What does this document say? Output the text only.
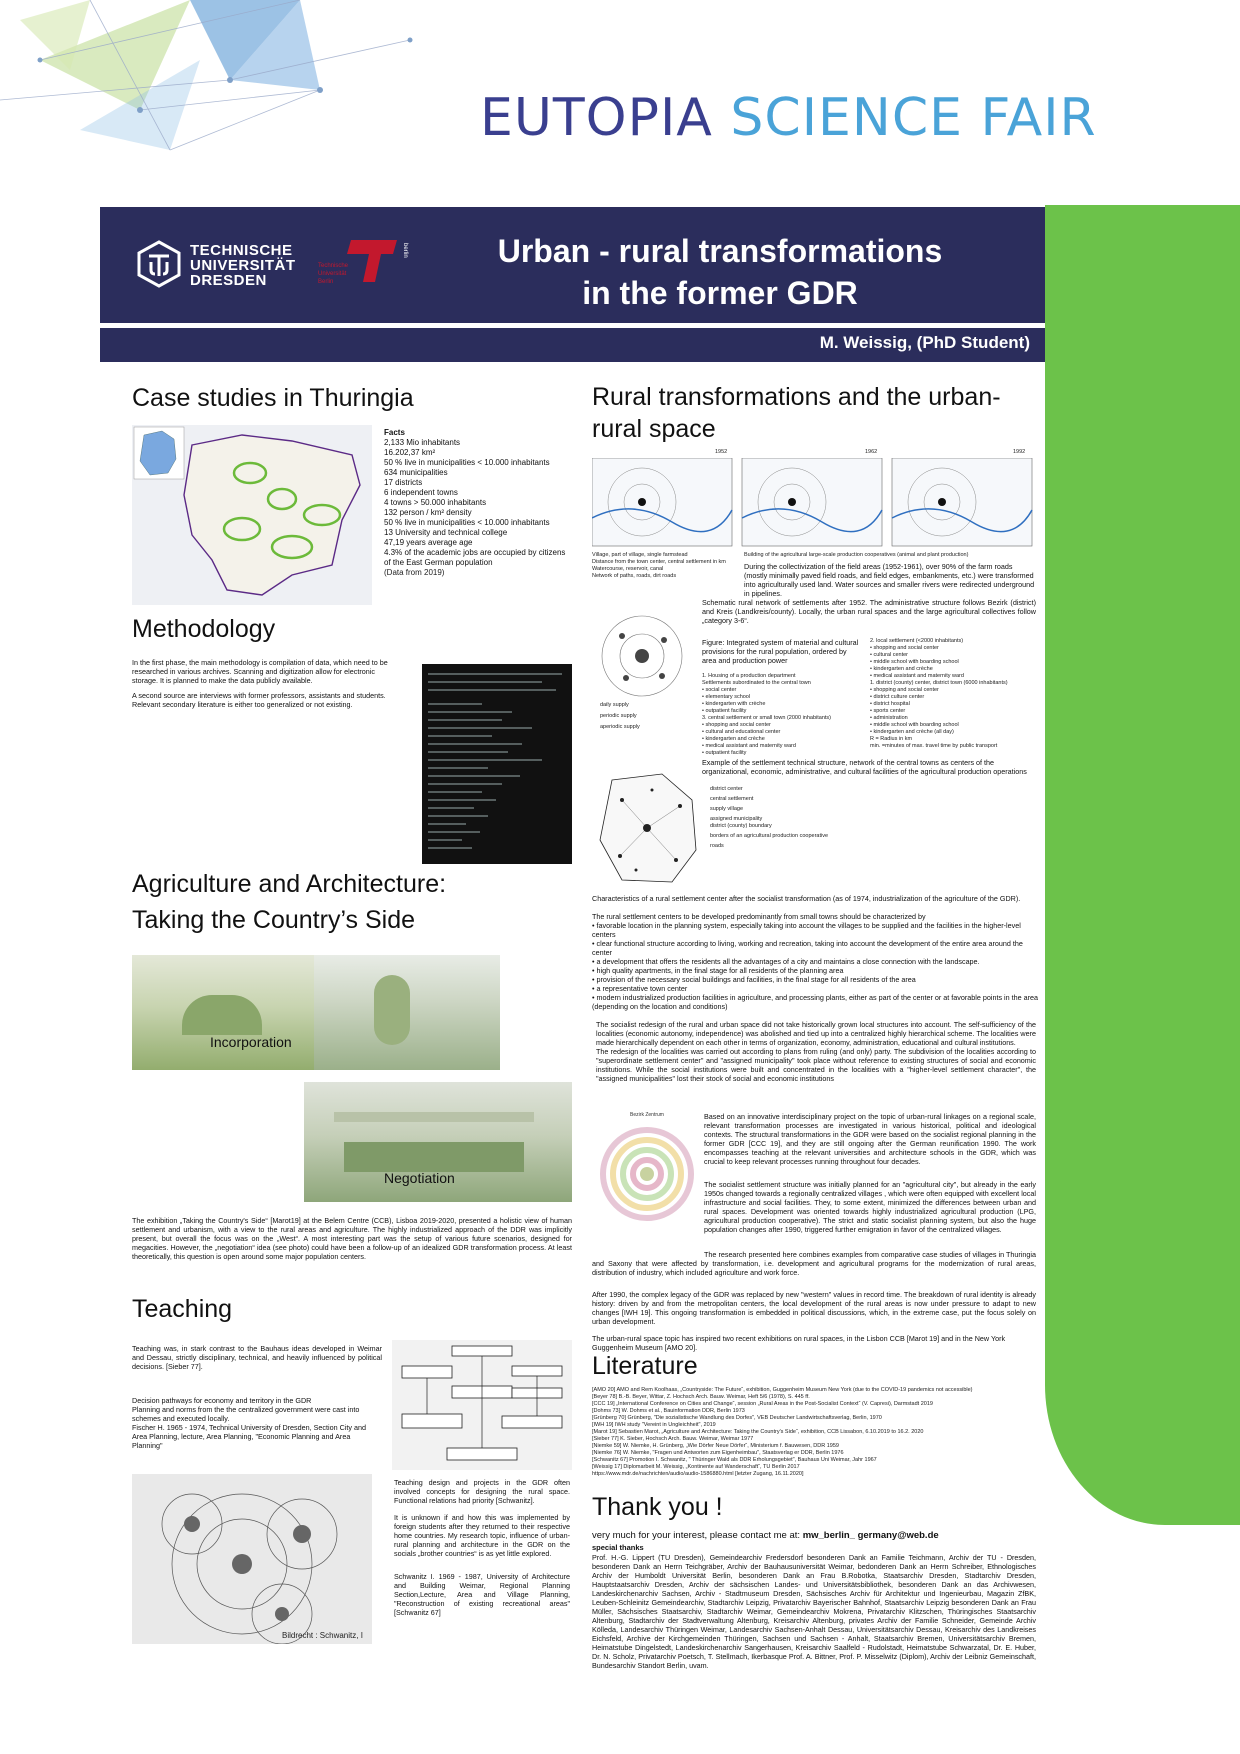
EUTOPIA SCIENCE FAIR
TECHNISCHE
UNIVERSITÄT
DRESDEN
berlin
Technische
Universität
Berlin
Urban - rural transformations
in the former GDR
M. Weissig, (PhD Student)
Case studies in Thuringia
Facts
2,133 Mio inhabitants
16.202,37 km²
50 % live in municipalities < 10.000 inhabitants
634 municipalities
17 districts
6 independent towns
4 towns > 50.000 inhabitants
132 person / km² density
50 % live in municipalities < 10.000 inhabitants
13 University and technical college
47,19 years average age
4.3% of the academic jobs are occupied by citizens of the East German population
(Data from 2019)
Methodology
In the first phase, the main methodology is compilation of data, which need to be researched in various archives. Scanning and digitization allow for electronic storage. It is planned to make the data publicly available.
A second source are interviews with former professors, assistants and students.
Relevant secondary literature is either too generalized or not existing.
Agriculture and Architecture:
Taking the Country’s Side
Incorporation
Negotiation
The exhibition „Taking the Country's Side“ [Marot19] at the Belem Centre (CCB), Lisboa 2019-2020, presented a holistic view of human settlement and urbanism, with a view to the rural areas and agriculture. The highly industrialized approach of the DDR was implicitly present, but overall the focus was on the „West“. A most interesting part was the setup of various future scenarios, designed for megacities. However, the „negotiation“ idea (see photo) could have been a follow-up of an idealized GDR transformation process. At least theoretically, this question is open around some major population centers.
Teaching
Teaching was, in stark contrast to the Bauhaus ideas developed in Weimar and Dessau, strictly disciplinary, technical, and heavily influenced by political decisions. [Sieber 77].
Decision pathways for economy and territory in the GDR
Planning and norms from the the centralized government were cast into schemes and executed locally.
Fischer H. 1965 - 1974, Technical University of Dresden, Section City and Area Planning, lecture, Area Planning, "Economic Planning and Area Planning"
Bildrecht : Schwanitz, I
Teaching design and projects in the GDR often involved concepts for designing the rural space. Functional relations had priority [Schwanitz].
It is unknown if and how this was implemented by foreign students after they returned to their respective home countries. My research topic, influence of urban-rural planning and architecture in the GDR on the socials „brother countries“ is as yet little explored.
Schwanitz I. 1969 - 1987, University of Architecture and Building Weimar, Regional Planning Section,Lecture, Area and Village Planning, "Reconstruction of existing recreational areas" [Schwanitz 67]
Rural transformations and the urban-
rural space
1952	1962	1992
Village, part of village, single farmstead
Distance from the town center, central settlement in km
Watercourse, reservoir, canal
Network of paths, roads, dirt roads
Building of the agricultural large-scale production cooperatives (animal and plant production)
During the collectivization of the field areas (1952-1961), over 90% of the farm roads (mostly minimally paved field roads, and field edges, embankments, etc.) were transformed into agriculturally used land. Water sources and smaller rivers were redirected underground in pipelines.
Schematic rural network of settlements after 1952. The administrative structure follows Bezirk (district) and Kreis (Landkreis/county). Locally, the urban rural spaces and the large agricultural collectives follow „category 3-6“.
Figure: Integrated system of material and cultural provisions for the rural population, ordered by area and production power
1. Housing of a production department
Settlements subordinated to the central town
• social center
• elementary school
• kindergarten with crèche
• outpatient facility
3. central settlement or small town (2000 inhabitants)
• shopping and social center
• cultural and educational center
• kindergarten and crèche
• medical assistant and maternity ward
• outpatient facility
2. local settlement (<2000 inhabitants)
• shopping and social center
• cultural center
• middle school with boarding school
• kindergarten and crèche
• medical assistant and maternity ward
1. district (county) center, district town (6000 inhabitants)
• shopping and social center
• district culture center
• district hospital
• sports center
• administration
• middle school with boarding school
• kindergarten and crèche (all day)
R = Radius in km
min. =minutes of max. travel time by public transport
daily supply
periodic supply
aperiodic supply
Example of the settlement technical structure, network of the central towns as centers of the organizational, economic, administrative, and cultural facilities of the agricultural production operations
district center
central settlement
supply village
assigned municipality
district (county) boundary
borders of an agricultural production cooperative
roads
Characteristics of a rural settlement center after the socialist transformation (as of 1974, industrialization of the agriculture of the GDR).
The rural settlement centers to be developed predominantly from small towns should be characterized by
• favorable location in the planning system, especially taking into account the villages to be supplied and the facilities in the higher-level centers
• clear functional structure according to living, working and recreation, taking into account the development of the entire area around the center
• a development that offers the residents all the advantages of a city and maintains a close connection with the landscape.
• high quality apartments, in the final stage for all residents of the planning area
• provision of the necessary social buildings and facilities, in the final stage for all residents of the area
• a representative town center
• modern industrialized production facilities in agriculture, and processing plants, either as part of the center or at favorable points in the area (depending on the location and conditions)
The socialist redesign of the rural and urban space did not take historically grown local structures into account. The self-sufficiency of the localities (economic autonomy, independence) was abolished and tied up into a centralized highly hierarchical scheme. The localities were made hierarchically dependent on each other in terms of organization, economy, administration, educational and cultural institutions.
The redesign of the localities was carried out according to plans from ruling (and only) party. The subdivision of the localities according to "superordinate settlement center" and "assigned municipality" took place without reference to existing structures of social and economic institutions. While the social institutions were built and concentrated in the localities with a "higher-level settlement character", the "assigned municipalities" lost their stock of social and economic institutions
Bezirk Zentrum	Based on an innovative interdisciplinary project on the topic of urban-rural linkages on a regional scale, relevant transformation processes are investigated in various historical, political and ideological contexts. The structural transformations in the GDR were based on the socialist regional planning in the former GDR [CCC 19], and they are still ongoing after the German reunification 1990. The work encompasses teaching at the relevant universities and architecture schools in the GDR, which was crucial to keep relevant processes running throughout four decades.
The socialist settlement structure was initially planned for an "agricultural city", but already in the early 1950s changed towards a regionally centralized villages , which were often equipped with excellent local infrastructure and social facilities. They, to some extent, minimized the differences between urban and rural spaces. Development was oriented towards highly industrialized agricultural production (LPG, agricultural production cooperative). The strict and static socialist planning system, but also the huge population changes after 1990, triggered further emigration in favor of the centralized villages.
The research presented here combines examples from comparative case studies of villages in Thuringia and Saxony that were affected by transformation, i.e. development and agricultural programs for the modernization of rural areas, distribution of industry, which included agriculture and work force.
After 1990, the complex legacy of the GDR was replaced by new "western" values in record time. The breakdown of rural identity is already history: driven by and from the metropolitan centers, the local development of the rural areas is now under pressure to adapt to new changes [IWH 19]. This ongoing transformation is embedded in political discussions, which, in the extreme case, put the focus solely on urban development.
The urban-rural space topic has inspired two recent exhibitions on rural spaces, in the Lisbon CCB [Marot 19] and in the New York Guggenheim Museum [AMO 20].
Literature
[AMO 20] AMO and Rem Koolhaas, „Countryside: The Future“, exhibition, Guggenheim Museum New York (due to the COVID-19 pandemics not accessible)
[Beyer 78] B.-B. Beyer, Wittar, Z. Hochsch Arch. Bauw. Weimar, Heft 5/6 (1978), S. 445 ff.
[CCC 19] „International Conference on Cities and Change“, session „Rural Areas in the Post-Socialist Context“ (V. Capresi), Darmstadt 2019
[Dohms 73] W. Dohms et al., Bauinformation DDR, Berlin 1973
[Grünberg 70] Grünberg, "Die sozialistische Wandlung des Dorfes", VEB Deutscher Landwirtschaftsverlag, Berlin, 1970
[IWH 19] IWH study "Vereint in Ungleichheit", 2019
[Marot 19] Sebastien Marot, „Agriculture and Architecture: Taking the Country's Side“, exhibition, CCB Lissabon, 6.10.2019 to 16.2. 2020
[Sieber 77] K. Sieber, Hochsch Arch. Bauw. Weimar, Weimar 1977
[Niemke 59] W. Niemke, H. Grünberg, „Wie Dörfer Neue Dörfer“, Ministerium f. Bauwesen, DDR 1959
[Niemke 76] W. Niemke, "Fragen und Antworten zum Eigenheimbau", Staatsverlag er DDR, Berlin 1976
[Schwanitz 67] Promotion I. Schwanitz, " Thüringer Wald als DDR Erholungsgebiet", Bauhaus Uni Weimar, Jahr 1967
[Weissig 17] Diplomarbeit M. Weissig, „Kontinente auf Wanderschaft“, TU Berlin 2017
https://www.mdr.de/nachrichten/audio/audio-1586880.html [letzter Zugang, 16.11.2020]
Thank you !
very much for your interest, please contact me at: mw_berlin_ germany@web.de
special thanks
Prof. H.-G. Lippert (TU Dresden), Gemeindearchiv Fredersdorf besonderen Dank an Familie Teichmann, Archiv der TU - Dresden, besonderen Dank an Herrn Teichgräber, Archiv der Bauhausuniversität Weimar, bedonderen Dank an Herrn Schreiber, Ethnologisches Archiv der Humboldt Universität Berlin, besonderen Dank an Frau B.Robotka, Staatsarchiv Dresden, Stadtarchiv Dresden, Hauptstaatsarchiv Dresden, Archiv der sächsischen Landes- und Universitätsbibliothek, besonderen Dank an das Archivwesen, Landeskirchenarchiv Sachsen, Archiv - Stadtmuseum Dresden, Sächsisches Archiv für Architektur und Ingenieurbau, Magazin ZfBK, Leuben-Schleinitz Gemeindearchiv, Stadtarchiv Leipzig, Privatarchiv Bayerischer Bahnhof, Staatsarchiv Leipzig besonderen Dank an Frau Müller, Sächsisches Staatsarchiv, Stadtarchiv Weimar, Gemeindearchiv Mokrena, Privatarchiv Klitzschen, Thüringisches Staatsarchiv Altenburg, Stadtarchiv der Stadtverwaltung Altenburg, Kreisarchiv Altenburg, privates Archiv der Familie Schneider, Gemeinde Archiv Kölleda, Landesarchiv Thüringen Weimar, Landesarchiv Sachsen-Anhalt Dessau, Universitätsarchiv Dessau, Kreisarchiv des Landkreises Eichsfeld, Archive der Kirchgemeinden Thüringen, Sachsen und Sachsen - Anhalt, Staatsarchiv Bremen, Universitätsarchiv Bremen, Heimatstube Dingelstedt, Landeskirchenarchiv Sangerhausen, Kreisarchiv Saalfeld - Rudolstadt, Heimatstube Schwarzatal, Dr. E. Huber, Dr. N. Scholz, Privatarchiv Poetsch, T. Stellmach, Ikerbasque Prof. A. Bittner, Prof. P. Misselwitz (Diplom), Archiv der Leibniz Gemeinschaft, Bundesarchiv Standort Berlin, uvam.
